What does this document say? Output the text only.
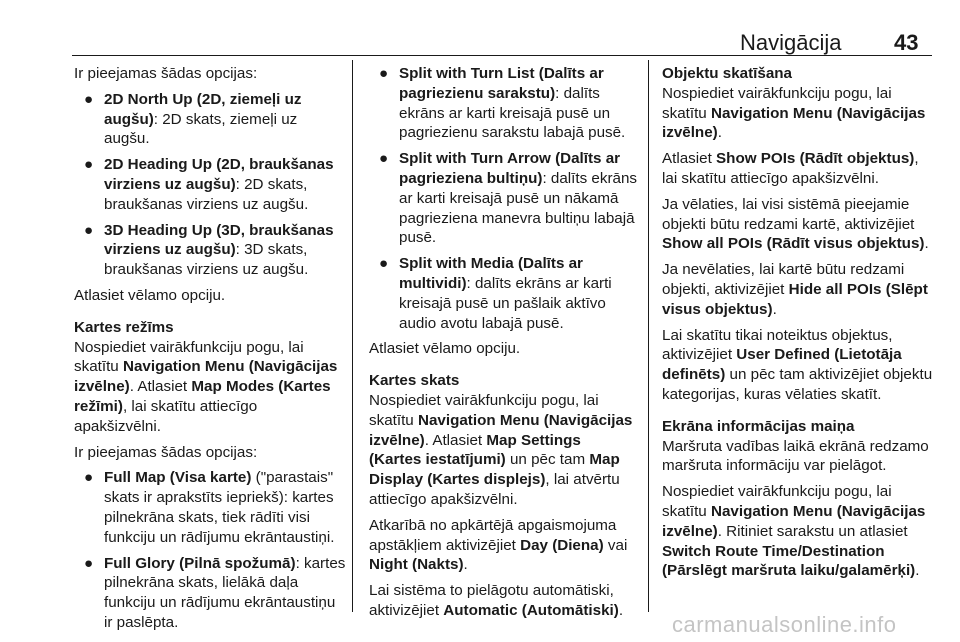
Navigācija 43

Ir pieejamas šādas opcijas:

● 2D North Up (2D, ziemeļi uz augšu): 2D skats, ziemeļi uz augšu.
● 2D Heading Up (2D, braukšanas virziens uz augšu): 2D skats, braukšanas virziens uz augšu.
● 3D Heading Up (3D, braukšanas virziens uz augšu): 3D skats, braukšanas virziens uz augšu.

Atlasiet vēlamo opciju.

Kartes režīms

Nospiediet vairākfunkciju pogu, lai skatītu Navigation Menu (Navigācijas izvēlne). Atlasiet Map Modes (Kartes režīmi), lai skatītu attiecīgo apakšizvēlni.

Ir pieejamas šādas opcijas:

● Full Map (Visa karte) ("parastais" skats ir aprakstīts iepriekš): kartes pilnekrāna skats, tiek rādīti visi funkciju un rādījumu ekrāntaustiņi.
● Full Glory (Pilnā spožumā): kartes pilnekrāna skats, lielākā daļa funkciju un rādījumu ekrāntaustiņu ir paslēpta.
● Split with Turn List (Dalīts ar pagriezienu sarakstu): dalīts ekrāns ar karti kreisajā pusē un pagriezienu sarakstu labajā pusē.
● Split with Turn Arrow (Dalīts ar pagrieziena bultiņu): dalīts ekrāns ar karti kreisajā pusē un nākamā pagrieziena manevra bultiņu labajā pusē.
● Split with Media (Dalīts ar multividi): dalīts ekrāns ar karti kreisajā pusē un pašlaik aktīvo audio avotu labajā pusē.

Atlasiet vēlamo opciju.

Kartes skats

Nospiediet vairākfunkciju pogu, lai skatītu Navigation Menu (Navigācijas izvēlne). Atlasiet Map Settings (Kartes iestatījumi) un pēc tam Map Display (Kartes displejs), lai atvērtu attiecīgo apakšizvēlni.

Atkarībā no apkārtējā apgaismojuma apstākļiem aktivizējiet Day (Diena) vai Night (Nakts).

Lai sistēma to pielāgotu automātiski, aktivizējiet Automatic (Automātiski).

Objektu skatīšana

Nospiediet vairākfunkciju pogu, lai skatītu Navigation Menu (Navigācijas izvēlne).

Atlasiet Show POIs (Rādīt objektus), lai skatītu attiecīgo apakšizvēlni.

Ja vēlaties, lai visi sistēmā pieejamie objekti būtu redzami kartē, aktivizējiet Show all POIs (Rādīt visus objektus).

Ja nevēlaties, lai kartē būtu redzami objekti, aktivizējiet Hide all POIs (Slēpt visus objektus).

Lai skatītu tikai noteiktus objektus, aktivizējiet User Defined (Lietotāja definēts) un pēc tam aktivizējiet objektu kategorijas, kuras vēlaties skatīt.

Ekrāna informācijas maiņa

Maršruta vadības laikā ekrānā redzamo maršruta informāciju var pielāgot.

Nospiediet vairākfunkciju pogu, lai skatītu Navigation Menu (Navigācijas izvēlne). Ritiniet sarakstu un atlasiet Switch Route Time/Destination (Pārslēgt maršruta laiku/galamērķi).

carmanualsonline.info
